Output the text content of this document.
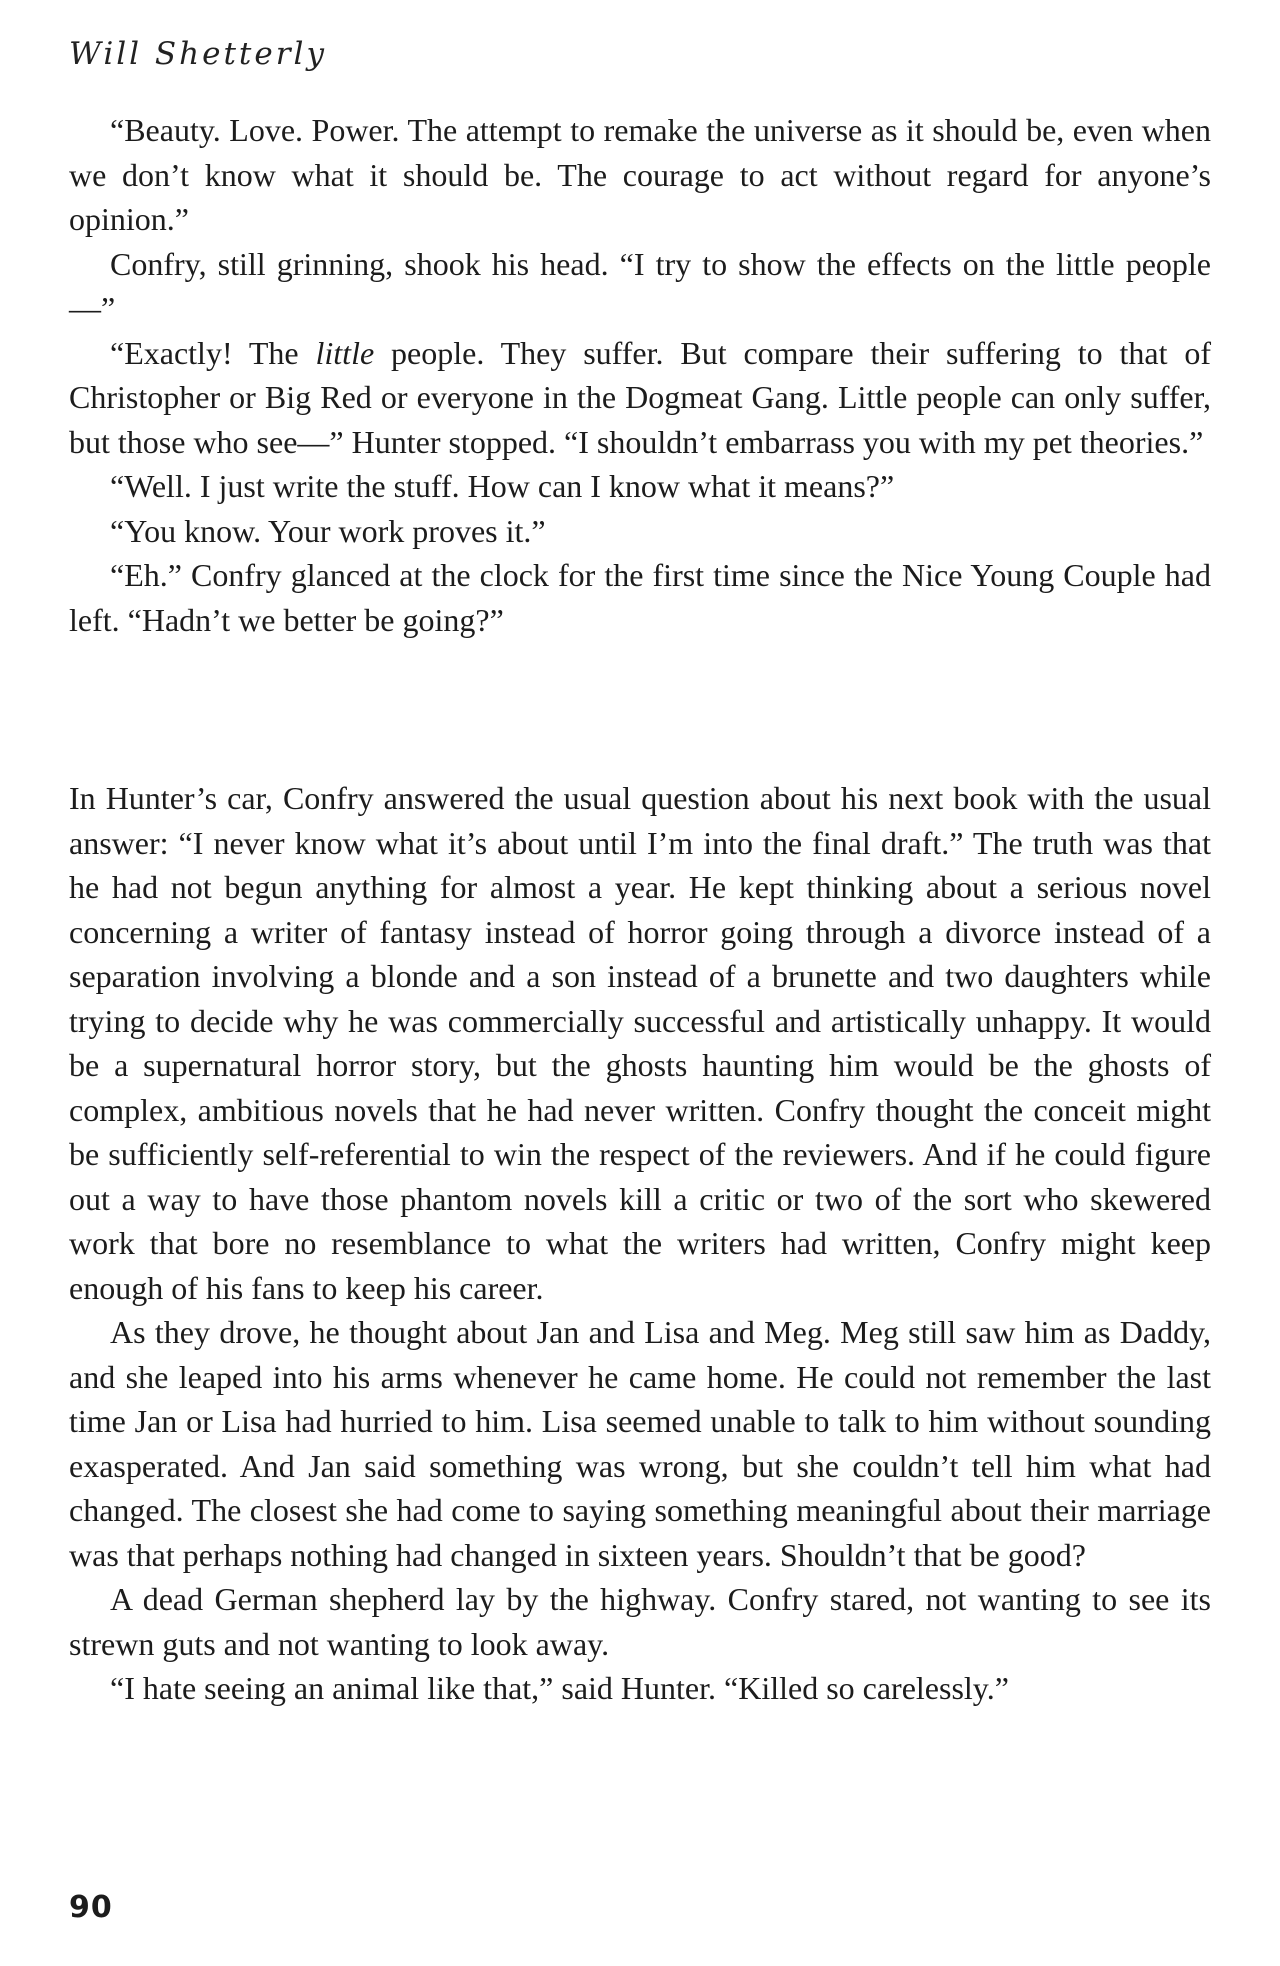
Will Shetterly

“Beauty. Love. Power. The attempt to remake the universe as it should be, even when we don’t know what it should be. The courage to act without regard for anyone’s opinion.”

Confry, still grinning, shook his head. “I try to show the effects on the little people—”

“Exactly! The little people. They suffer. But compare their suffering to that of Christopher or Big Red or everyone in the Dogmeat Gang. Little people can only suffer, but those who see—” Hunter stopped. “I shouldn’t embarrass you with my pet theories.”

“Well. I just write the stuff. How can I know what it means?”

“You know. Your work proves it.”

“Eh.” Confry glanced at the clock for the first time since the Nice Young Couple had left. “Hadn’t we better be going?”

In Hunter’s car, Confry answered the usual question about his next book with the usual answer: “I never know what it’s about until I’m into the final draft.” The truth was that he had not begun anything for almost a year. He kept thinking about a serious novel concerning a writer of fantasy instead of horror going through a divorce instead of a separation involving a blonde and a son instead of a brunette and two daughters while trying to decide why he was commercially successful and artistically unhappy. It would be a supernatural horror story, but the ghosts haunting him would be the ghosts of complex, ambitious novels that he had never written. Confry thought the conceit might be sufficiently self-referential to win the respect of the reviewers. And if he could figure out a way to have those phantom novels kill a critic or two of the sort who skewered work that bore no resemblance to what the writers had written, Confry might keep enough of his fans to keep his career.

As they drove, he thought about Jan and Lisa and Meg. Meg still saw him as Daddy, and she leaped into his arms whenever he came home. He could not remember the last time Jan or Lisa had hurried to him. Lisa seemed unable to talk to him without sounding exasperated. And Jan said something was wrong, but she couldn’t tell him what had changed. The closest she had come to saying something meaningful about their marriage was that perhaps nothing had changed in sixteen years. Shouldn’t that be good?

A dead German shepherd lay by the highway. Confry stared, not wanting to see its strewn guts and not wanting to look away.

“I hate seeing an animal like that,” said Hunter. “Killed so carelessly.”

90
